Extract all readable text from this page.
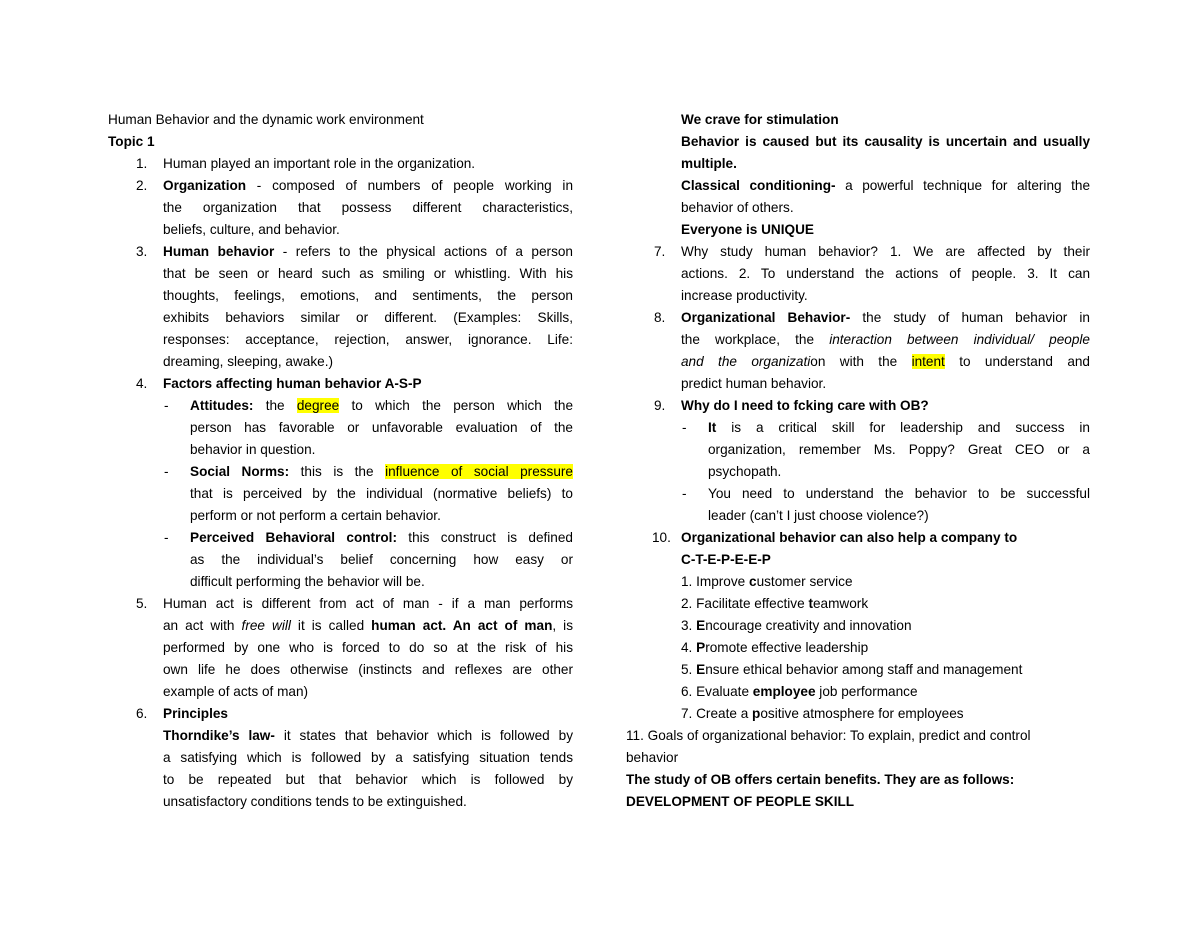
Human Behavior and the dynamic work environment
Topic 1
1. Human played an important role in the organization.
2. Organization - composed of numbers of people working in
the organization that possess different characteristics,
beliefs, culture, and behavior.
3. Human behavior - refers to the physical actions of a person
that be seen or heard such as smiling or whistling. With his
thoughts, feelings, emotions, and sentiments, the person
exhibits behaviors similar or different. (Examples: Skills,
responses: acceptance, rejection, answer, ignorance. Life:
dreaming, sleeping, awake.)
4. Factors affecting human behavior A-S-P
- Attitudes: the degree to which the person which the
person has favorable or unfavorable evaluation of the
behavior in question.
- Social Norms: this is the influence of social pressure
that is perceived by the individual (normative beliefs) to
perform or not perform a certain behavior.
- Perceived Behavioral control: this construct is defined
as the individual’s belief concerning how easy or
difficult performing the behavior will be.
5. Human act is different from act of man - if a man performs
an act with free will it is called human act. An act of man, is
performed by one who is forced to do so at the risk of his
own life he does otherwise (instincts and reflexes are other
example of acts of man)
6. Principles
Thorndike’s law- it states that behavior which is followed by
a satisfying which is followed by a satisfying situation tends
to be repeated but that behavior which is followed by
unsatisfactory conditions tends to be extinguished.
We crave for stimulation
Behavior is caused but its causality is uncertain and usually
multiple.
Classical conditioning- a powerful technique for altering the
behavior of others.
Everyone is UNIQUE
7. Why study human behavior? 1. We are affected by their
actions. 2. To understand the actions of people. 3. It can
increase productivity.
8. Organizational Behavior- the study of human behavior in
the workplace, the interaction between individual/ people
and the organization with the intent to understand and
predict human behavior.
9. Why do I need to fcking care with OB?
- It is a critical skill for leadership and success in
organization, remember Ms. Poppy? Great CEO or a
psychopath.
- You need to understand the behavior to be successful
leader (can’t I just choose violence?)
10. Organizational behavior can also help a company to
C-T-E-P-E-E-P
1. Improve customer service
2. Facilitate effective teamwork
3. Encourage creativity and innovation
4. Promote effective leadership
5. Ensure ethical behavior among staff and management
6. Evaluate employee job performance
7. Create a positive atmosphere for employees
11. Goals of organizational behavior: To explain, predict and control
behavior
The study of OB offers certain benefits. They are as follows:
DEVELOPMENT OF PEOPLE SKILL
